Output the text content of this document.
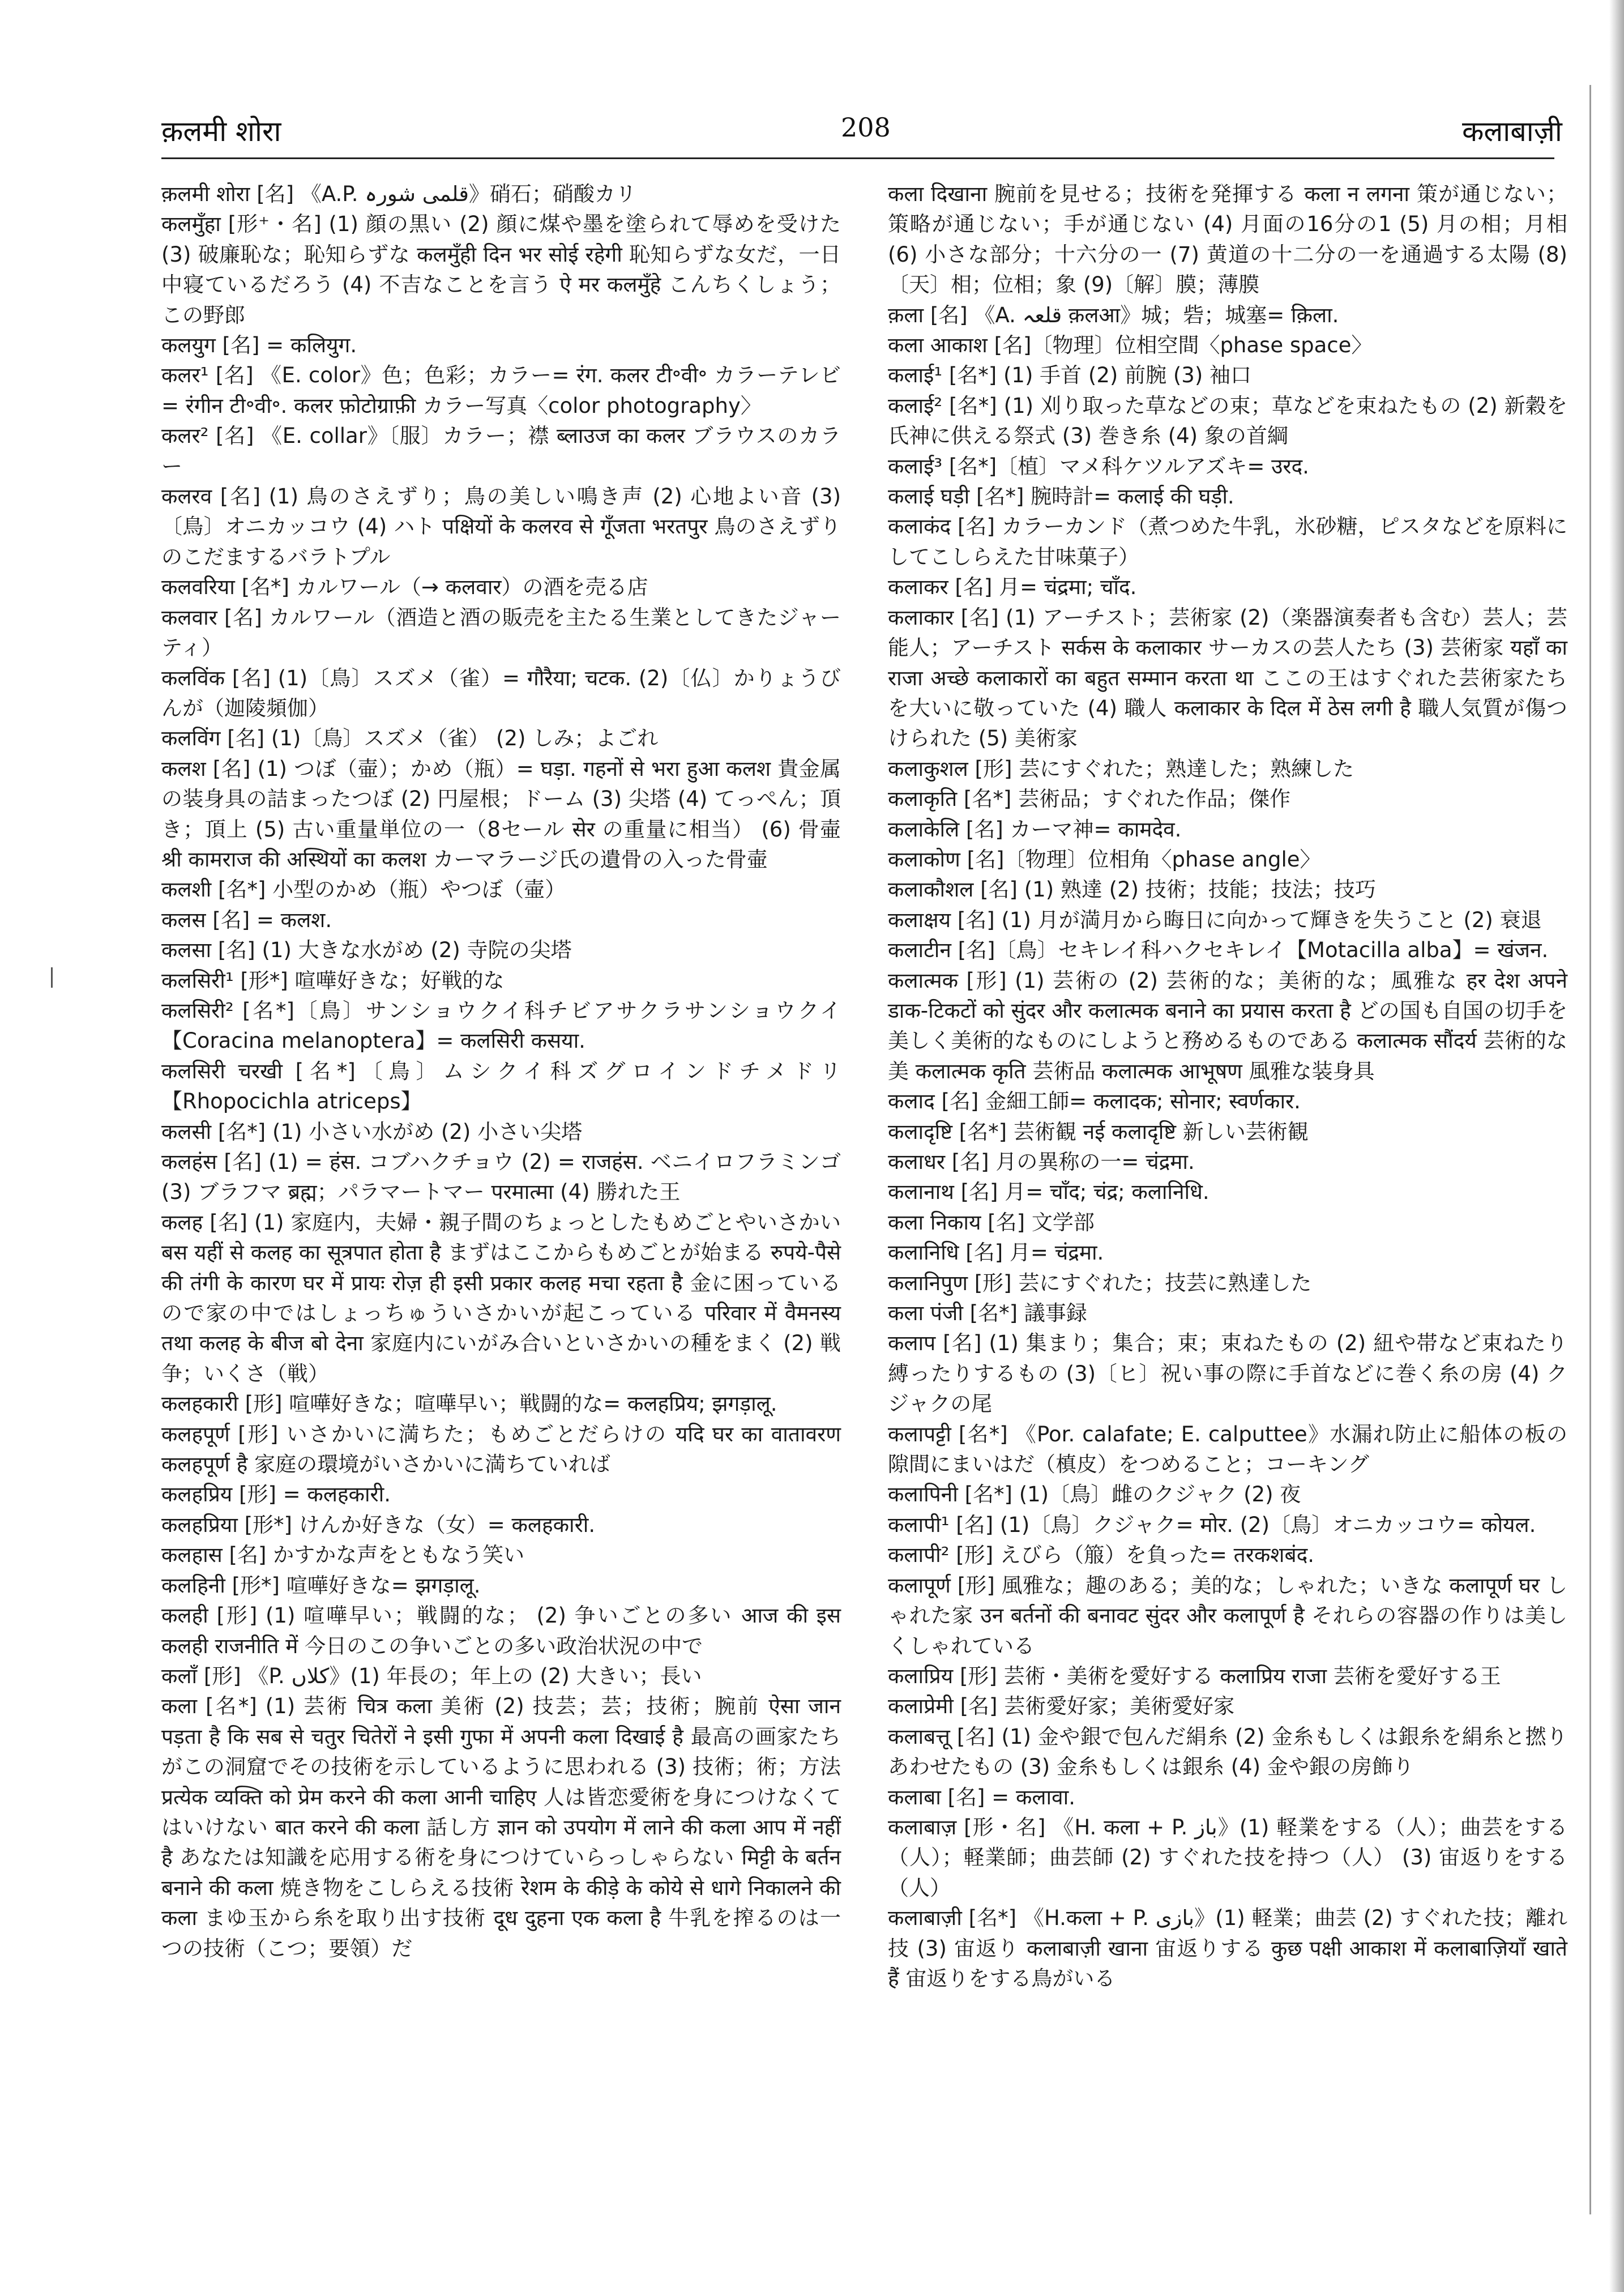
क़लमी शोरा	208	कलाबाज़ी

क़लमी शोरा [名] 《A.P. قلمی شورہ》硝石；硝酸カリ

कलमुँहा [形⁺・名] (1) 顔の黒い (2) 顔に煤や墨を塗られて辱めを受けた (3) 破廉恥な；恥知らずな कलमुँही दिन भर सोई रहेगी 恥知らずな女だ，一日中寝ているだろう (4) 不吉なことを言う ऐ मर कलमुँहे こんちくしょう；この野郎

कलयुग [名] = कलियुग.

कलर¹ [名] 《E. color》色；色彩；カラー= रंग. कलर टी॰वी॰ カラーテレビ= रंगीन टी॰वी॰. कलर फ़ोटोग्राफ़ी カラー写真〈color photography〉

कलर² [名] 《E. collar》〔服〕カラー；襟 ब्लाउज का कलर ブラウスのカラー

कलरव [名] (1) 鳥のさえずり；鳥の美しい鳴き声 (2) 心地よい音 (3)〔鳥〕オニカッコウ (4) ハト पक्षियों के कलरव से गूँजता भरतपुर 鳥のさえずりのこだまするバラトプル

कलवरिया [名*] カルワール（→ कलवार）の酒を売る店

कलवार [名] カルワール（酒造と酒の販売を主たる生業としてきたジャーティ）

कलविंक [名] (1)〔鳥〕スズメ（雀）= गौरैया; चटक. (2)〔仏〕かりょうびんが（迦陵頻伽）

कलविंग [名] (1)〔鳥〕スズメ（雀） (2) しみ；よごれ

कलश [名] (1) つぼ（壷）；かめ（瓶）= घड़ा. गहनों से भरा हुआ कलश 貴金属の装身具の詰まったつぼ (2) 円屋根；ドーム (3) 尖塔 (4) てっぺん；頂き；頂上 (5) 古い重量単位の一（8セール सेर の重量に相当） (6) 骨壷 श्री कामराज की अस्थियों का कलश カーマラージ氏の遺骨の入った骨壷

कलशी [名*] 小型のかめ（瓶）やつぼ（壷）

कलस [名] = कलश.

कलसा [名] (1) 大きな水がめ (2) 寺院の尖塔

कलसिरी¹ [形*] 喧嘩好きな；好戦的な

कलसिरी² [名*]〔鳥〕サンショウクイ科チビアサクラサンショウクイ【Coracina melanoptera】= कलसिरी कसया.

कलसिरी चरखी [名*]〔鳥〕ムシクイ科ズグロインドチメドリ【Rhopocichla atriceps】

कलसी [名*] (1) 小さい水がめ (2) 小さい尖塔

कलहंस [名] (1) = हंस. コブハクチョウ (2) = राजहंस. ベニイロフラミンゴ (3) ブラフマ ब्रह्म；パラマートマー परमात्मा (4) 勝れた王

कलह [名] (1) 家庭内，夫婦・親子間のちょっとしたもめごとやいさかい बस यहीं से कलह का सूत्रपात होता है まずはここからもめごとが始まる रुपये-पैसे की तंगी के कारण घर में प्रायः रोज़ ही इसी प्रकार कलह मचा रहता है 金に困っているので家の中ではしょっちゅういさかいが起こっている परिवार में वैमनस्य तथा कलह के बीज बो देना 家庭内にいがみ合いといさかいの種をまく (2) 戦争；いくさ（戦）

कलहकारी [形] 喧嘩好きな；喧嘩早い；戦闘的な= कलहप्रिय; झगड़ालू.

कलहपूर्ण [形] いさかいに満ちた；もめごとだらけの यदि घर का वातावरण कलहपूर्ण है 家庭の環境がいさかいに満ちていれば

कलहप्रिय [形] = कलहकारी.

कलहप्रिया [形*] けんか好きな（女）= कलहकारी.

कलहास [名] かすかな声をともなう笑い

कलहिनी [形*] 喧嘩好きな= झगड़ालू.

कलही [形] (1) 喧嘩早い；戦闘的な； (2) 争いごとの多い आज की इस कलही राजनीति में 今日のこの争いごとの多い政治状況の中で

कलाँ [形] 《P. کلاں》(1) 年長の；年上の (2) 大きい；長い

कला [名*] (1) 芸術 चित्र कला 美術 (2) 技芸；芸；技術；腕前 ऐसा जान पड़ता है कि सब से चतुर चितेरों ने इसी गुफा में अपनी कला दिखाई है 最高の画家たちがこの洞窟でその技術を示しているように思われる (3) 技術；術；方法 प्रत्येक व्यक्ति को प्रेम करने की कला आनी चाहिए 人は皆恋愛術を身につけなくてはいけない बात करने की कला 話し方 ज्ञान को उपयोग में लाने की कला आप में नहीं है あなたは知識を応用する術を身につけていらっしゃらない मिट्टी के बर्तन बनाने की कला 焼き物をこしらえる技術 रेशम के कीड़े के कोये से धागे निकालने की कला まゆ玉から糸を取り出す技術 दूध दुहना एक कला है 牛乳を搾るのは一つの技術（こつ；要領）だ

कला दिखाना 腕前を見せる；技術を発揮する कला न लगना 策が通じない；策略が通じない；手が通じない (4) 月面の16分の1 (5) 月の相；月相 (6) 小さな部分；十六分の一 (7) 黄道の十二分の一を通過する太陽 (8)〔天〕相；位相；象 (9)〔解〕膜；薄膜

क़ला [名] 《A. قلعہ क़लआ》城；砦；城塞= क़िला.

कला आकाश [名]〔物理〕位相空間〈phase space〉

कलाई¹ [名*] (1) 手首 (2) 前腕 (3) 袖口

कलाई² [名*] (1) 刈り取った草などの束；草などを束ねたもの (2) 新穀を氏神に供える祭式 (3) 巻き糸 (4) 象の首綱

कलाई³ [名*]〔植〕マメ科ケツルアズキ= उरद.

कलाई घड़ी [名*] 腕時計= कलाई की घड़ी.

कलाकंद [名] カラーカンド（煮つめた牛乳，氷砂糖，ピスタなどを原料にしてこしらえた甘味菓子）

कलाकर [名] 月= चंद्रमा; चाँद.

कलाकार [名] (1) アーチスト；芸術家 (2)（楽器演奏者も含む）芸人；芸能人；アーチスト सर्कस के कलाकार サーカスの芸人たち (3) 芸術家 यहाँ का राजा अच्छे कलाकारों का बहुत सम्मान करता था ここの王はすぐれた芸術家たちを大いに敬っていた (4) 職人 कलाकार के दिल में ठेस लगी है 職人気質が傷つけられた (5) 美術家

कलाकुशल [形] 芸にすぐれた；熟達した；熟練した

कलाकृति [名*] 芸術品；すぐれた作品；傑作

कलाकेलि [名] カーマ神= कामदेव.

कलाकोण [名]〔物理〕位相角〈phase angle〉

कलाकौशल [名] (1) 熟達 (2) 技術；技能；技法；技巧

कलाक्षय [名] (1) 月が満月から晦日に向かって輝きを失うこと (2) 衰退

कलाटीन [名]〔鳥〕セキレイ科ハクセキレイ【Motacilla alba】= खंजन.

कलात्मक [形] (1) 芸術の (2) 芸術的な；美術的な；風雅な हर देश अपने डाक-टिकटों को सुंदर और कलात्मक बनाने का प्रयास करता है どの国も自国の切手を美しく美術的なものにしようと務めるものである कलात्मक सौंदर्य 芸術的な美 कलात्मक कृति 芸術品 कलात्मक आभूषण 風雅な装身具

कलाद [名] 金細工師= कलादक; सोनार; स्वर्णकार.

कलादृष्टि [名*] 芸術観 नई कलादृष्टि 新しい芸術観

कलाधर [名] 月の異称の一= चंद्रमा.

कलानाथ [名] 月= चाँद; चंद्र; कलानिधि.

कला निकाय [名] 文学部

कलानिधि [名] 月= चंद्रमा.

कलानिपुण [形] 芸にすぐれた；技芸に熟達した

कला पंजी [名*] 議事録

कलाप [名] (1) 集まり；集合；束；束ねたもの (2) 紐や帯など束ねたり縛ったりするもの (3)〔ヒ〕祝い事の際に手首などに巻く糸の房 (4) クジャクの尾

कलापट्टी [名*] 《Por. calafate; E. calputtee》水漏れ防止に船体の板の隙間にまいはだ（槙皮）をつめること；コーキング

कलापिनी [名*] (1)〔鳥〕雌のクジャク (2) 夜

कलापी¹ [名] (1)〔鳥〕クジャク= मोर. (2)〔鳥〕オニカッコウ= कोयल.

कलापी² [形] えびら（箙）を負った= तरकशबंद.

कलापूर्ण [形] 風雅な；趣のある；美的な；しゃれた；いきな कलापूर्ण घर しゃれた家 उन बर्तनों की बनावट सुंदर और कलापूर्ण है それらの容器の作りは美しくしゃれている

कलाप्रिय [形] 芸術・美術を愛好する कलाप्रिय राजा 芸術を愛好する王

कलाप्रेमी [名] 芸術愛好家；美術愛好家

कलाबत्तू [名] (1) 金や銀で包んだ絹糸 (2) 金糸もしくは銀糸を絹糸と撚りあわせたもの (3) 金糸もしくは銀糸 (4) 金や銀の房飾り

कलाबा [名] = कलावा.

कलाबाज़ [形・名] 《H. कला + P. باز》(1) 軽業をする（人）；曲芸をする（人）；軽業師；曲芸師 (2) すぐれた技を持つ（人） (3) 宙返りをする（人）

कलाबाज़ी [名*] 《H.कला + P. بازی》(1) 軽業；曲芸 (2) すぐれた技；離れ技 (3) 宙返り कलाबाज़ी खाना 宙返りする कुछ पक्षी आकाश में कलाबाज़ियाँ खाते हैं 宙返りをする鳥がいる
